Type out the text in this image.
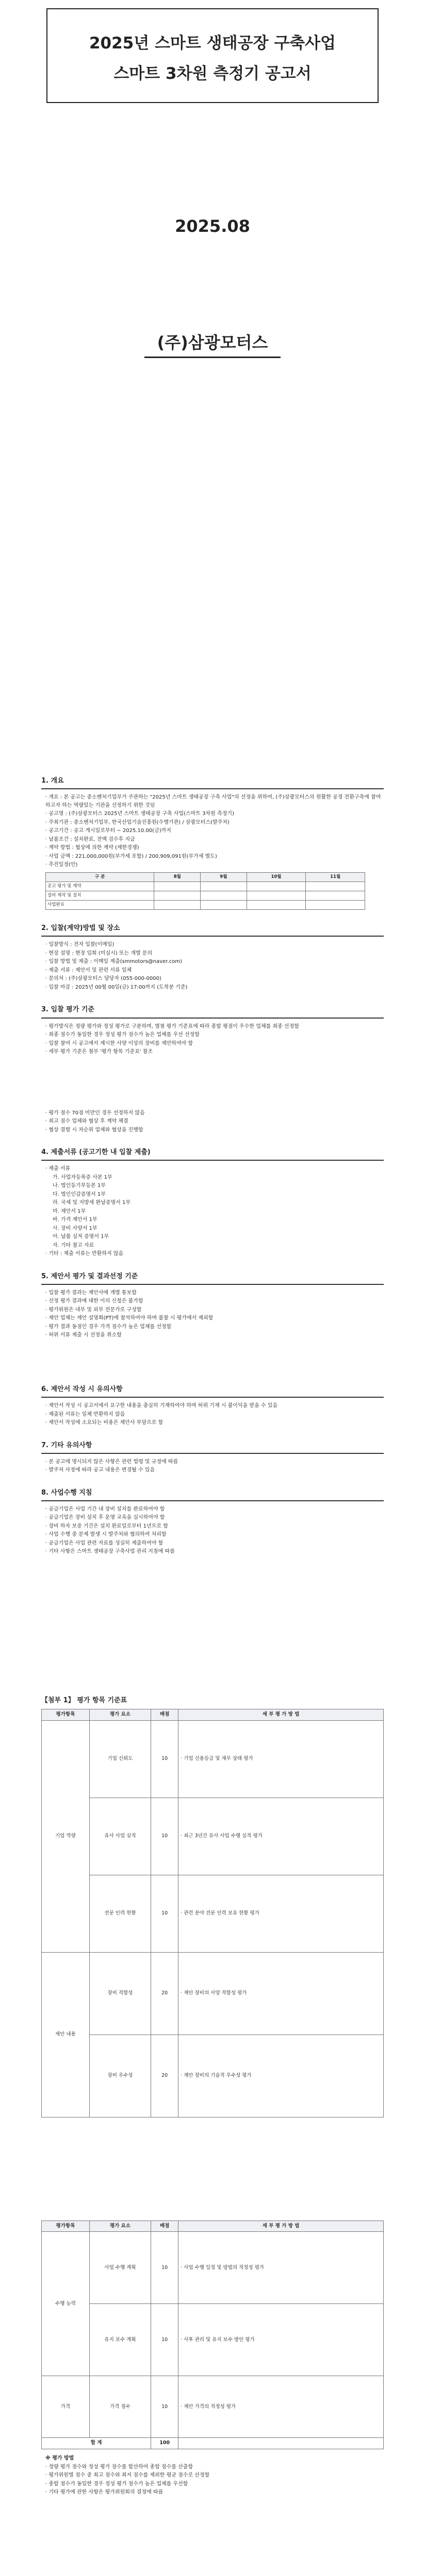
2025년 스마트 생태공장 구축사업
스마트 3차원 측정기 공고서
2025.08
(주)삼광모터스
1. 개요
· 개요 : 본 공고는 중소벤처기업부가 주관하는 "2025년 스마트 생태공장 구축 사업"의 선정을 위하여, (주)삼광모터스의 원활한 공정 전환구축에 참여하고자 하는 역량있는 기관을 선정하기 위한 것임
· 공고명 : (주)삼광모터스 2025년 스마트 생태공장 구축 사업(스마트 3차원 측정기)
· 주최기관 : 중소벤처기업부, 한국산업기술진흥원(수행기관) / 삼광모터스(발주처)
· 공고기간 : 공고 게시일로부터 ~ 2025.10.00(금)까지
· 납품조건 : 설치완료, 전액 검수후 지급
· 계약 방법 : 협상에 의한 계약 (제한경쟁)
· 사업 금액 : 221,000,000원(부가세 포함) / 200,909,091원(부가세 별도)
· 추진일정(안)
구 분	8월	9월	10월	11월
공고 평가 및 계약				
설비 제작 및 설치				
사업완료				
2. 입찰(계약)방법 및 장소
· 입찰방식 : 전자 입찰(이메일)
· 현장 설명 : 현장 입회 (미실시) 또는 개별 문의
· 입찰 방법 및 제출 : 이메일 제출(smmotors@naver.com)
· 제출 서류 : 제안서 및 관련 서류 일체
· 문의처 : (주)삼광모터스 담당자 (055-000-0000)
· 입찰 마감 : 2025년 00월 00일(금) 17:00까지 (도착분 기준)
3. 입찰 평가 기준
· 평가방식은 정량 평가와 정성 평가로 구분하며, 별첨 평가 기준표에 따라 종합 평점이 우수한 업체를 최종 선정함
· 최종 점수가 동일한 경우 정성 평가 점수가 높은 업체를 우선 선정함
· 입찰 참여 시 공고에서 제시한 사양 이상의 장비를 제안하여야 함
· 세부 평가 기준은 첨부 '평가 항목 기준표' 참조
· 평가 점수 70점 미만인 경우 선정하지 않음
· 최고 점수 업체와 협상 후 계약 체결
· 협상 결렬 시 차순위 업체와 협상을 진행함
4. 제출서류 (공고기한 내 입찰 제출)
· 제출 서류
가. 사업자등록증 사본 1부
나. 법인등기부등본 1부
다. 법인인감증명서 1부
라. 국세 및 지방세 완납증명서 1부
마. 제안서 1부
바. 가격 제안서 1부
사. 장비 사양서 1부
아. 납품 실적 증명서 1부
자. 기타 참고 자료
· 기타 : 제출 서류는 반환하지 않음
5. 제안서 평가 및 결과선정 기준
· 입찰 평가 결과는 제안사에 개별 통보함
· 선정 평가 결과에 대한 이의 신청은 불가함
· 평가위원은 내부 및 외부 전문가로 구성함
· 제안 업체는 제안 설명회(PT)에 참석하여야 하며 불참 시 평가에서 제외함
· 평가 결과 동점인 경우 가격 점수가 높은 업체를 선정함
· 허위 서류 제출 시 선정을 취소함
6. 제안서 작성 시 유의사항
· 제안서 작성 시 공고서에서 요구한 내용을 충실히 기재하여야 하며 허위 기재 시 불이익을 받을 수 있음
· 제출된 서류는 일체 반환하지 않음
· 제안서 작성에 소요되는 비용은 제안사 부담으로 함
7. 기타 유의사항
· 본 공고에 명시되지 않은 사항은 관련 법령 및 규정에 따름
· 발주처 사정에 따라 공고 내용은 변경될 수 있음
8. 사업수행 지침
· 공급기업은 사업 기간 내 장비 설치를 완료하여야 함
· 공급기업은 장비 설치 후 운영 교육을 실시하여야 함
· 장비 하자 보증 기간은 설치 완료일로부터 1년으로 함
· 사업 수행 중 문제 발생 시 발주처와 협의하여 처리함
· 공급기업은 사업 관련 자료를 성실히 제출하여야 함
· 기타 사항은 스마트 생태공장 구축사업 관리 지침에 따름
【첨부 1】 평가 항목 기준표
평가항목	평가 요소	배점	세 부 평 가 방 법
기업 역량	기업 신뢰도	10	· 기업 신용등급 및 재무 상태 평가
	유사 사업 실적	10	· 최근 3년간 유사 사업 수행 실적 평가
	전문 인력 현황	10	· 관련 분야 전문 인력 보유 현황 평가
제안 내용	장비 적합성	20	· 제안 장비의 사양 적합성 평가
	장비 우수성	20	· 제안 장비의 기술적 우수성 평가
평가항목	평가 요소	배점	세 부 평 가 방 법
수행 능력	사업 수행 계획	10	· 사업 수행 일정 및 방법의 적정성 평가
	유지 보수 계획	10	· 사후 관리 및 유지 보수 방안 평가
가격	가격 점수	10	· 제안 가격의 적정성 평가
합 계		100	
※ 평가 방법
· 정량 평가 점수와 정성 평가 점수를 합산하여 종합 점수를 산출함
· 평가위원별 점수 중 최고 점수와 최저 점수를 제외한 평균 점수로 산정함
· 종합 점수가 동일한 경우 정성 평가 점수가 높은 업체를 우선함
· 기타 평가에 관한 사항은 평가위원회의 결정에 따름
